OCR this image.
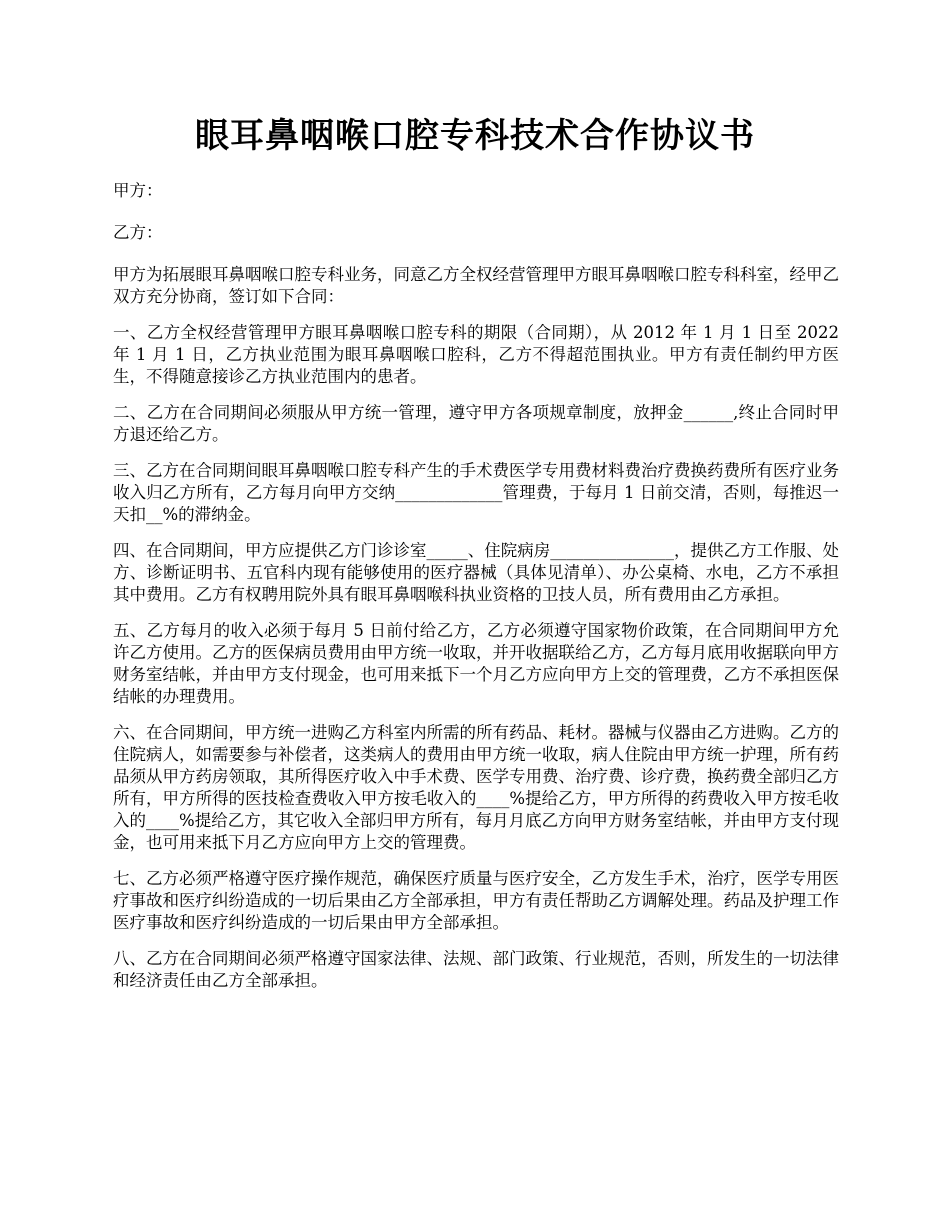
眼耳鼻咽喉口腔专科技术合作协议书

甲方：

乙方：

甲方为拓展眼耳鼻咽喉口腔专科业务，同意乙方全权经营管理甲方眼耳鼻咽喉口腔专科科室，经甲乙双方充分协商，签订如下合同：

一、乙方全权经营管理甲方眼耳鼻咽喉口腔专科的期限（合同期），从 2012 年 1 月 1 日至 2022 年 1 月 1 日，乙方执业范围为眼耳鼻咽喉口腔科，乙方不得超范围执业。甲方有责任制约甲方医生，不得随意接诊乙方执业范围内的患者。

二、乙方在合同期间必须服从甲方统一管理，遵守甲方各项规章制度，放押金______,终止合同时甲方退还给乙方。

三、乙方在合同期间眼耳鼻咽喉口腔专科产生的手术费医学专用费材料费治疗费换药费所有医疗业务收入归乙方所有，乙方每月向甲方交纳_____________管理费，于每月 1 日前交清，否则，每推迟一天扣__%的滞纳金。

四、在合同期间，甲方应提供乙方门诊诊室_____、住院病房_______________，提供乙方工作服、处方、诊断证明书、五官科内现有能够使用的医疗器械（具体见清单）、办公桌椅、水电，乙方不承担其中费用。乙方有权聘用院外具有眼耳鼻咽喉科执业资格的卫技人员，所有费用由乙方承担。

五、乙方每月的收入必须于每月 5 日前付给乙方，乙方必须遵守国家物价政策，在合同期间甲方允许乙方使用。乙方的医保病员费用由甲方统一收取，并开收据联给乙方，乙方每月底用收据联向甲方财务室结帐，并由甲方支付现金，也可用来抵下一个月乙方应向甲方上交的管理费，乙方不承担医保结帐的办理费用。

六、在合同期间，甲方统一进购乙方科室内所需的所有药品、耗材。器械与仪器由乙方进购。乙方的住院病人，如需要参与补偿者，这类病人的费用由甲方统一收取，病人住院由甲方统一护理，所有药品须从甲方药房领取，其所得医疗收入中手术费、医学专用费、治疗费、诊疗费，换药费全部归乙方所有，甲方所得的医技检查费收入甲方按毛收入的____%提给乙方，甲方所得的药费收入甲方按毛收入的____%提给乙方，其它收入全部归甲方所有，每月月底乙方向甲方财务室结帐，并由甲方支付现金，也可用来抵下月乙方应向甲方上交的管理费。

七、乙方必须严格遵守医疗操作规范，确保医疗质量与医疗安全，乙方发生手术，治疗，医学专用医疗事故和医疗纠纷造成的一切后果由乙方全部承担，甲方有责任帮助乙方调解处理。药品及护理工作医疗事故和医疗纠纷造成的一切后果由甲方全部承担。

八、乙方在合同期间必须严格遵守国家法律、法规、部门政策、行业规范，否则，所发生的一切法律和经济责任由乙方全部承担。
